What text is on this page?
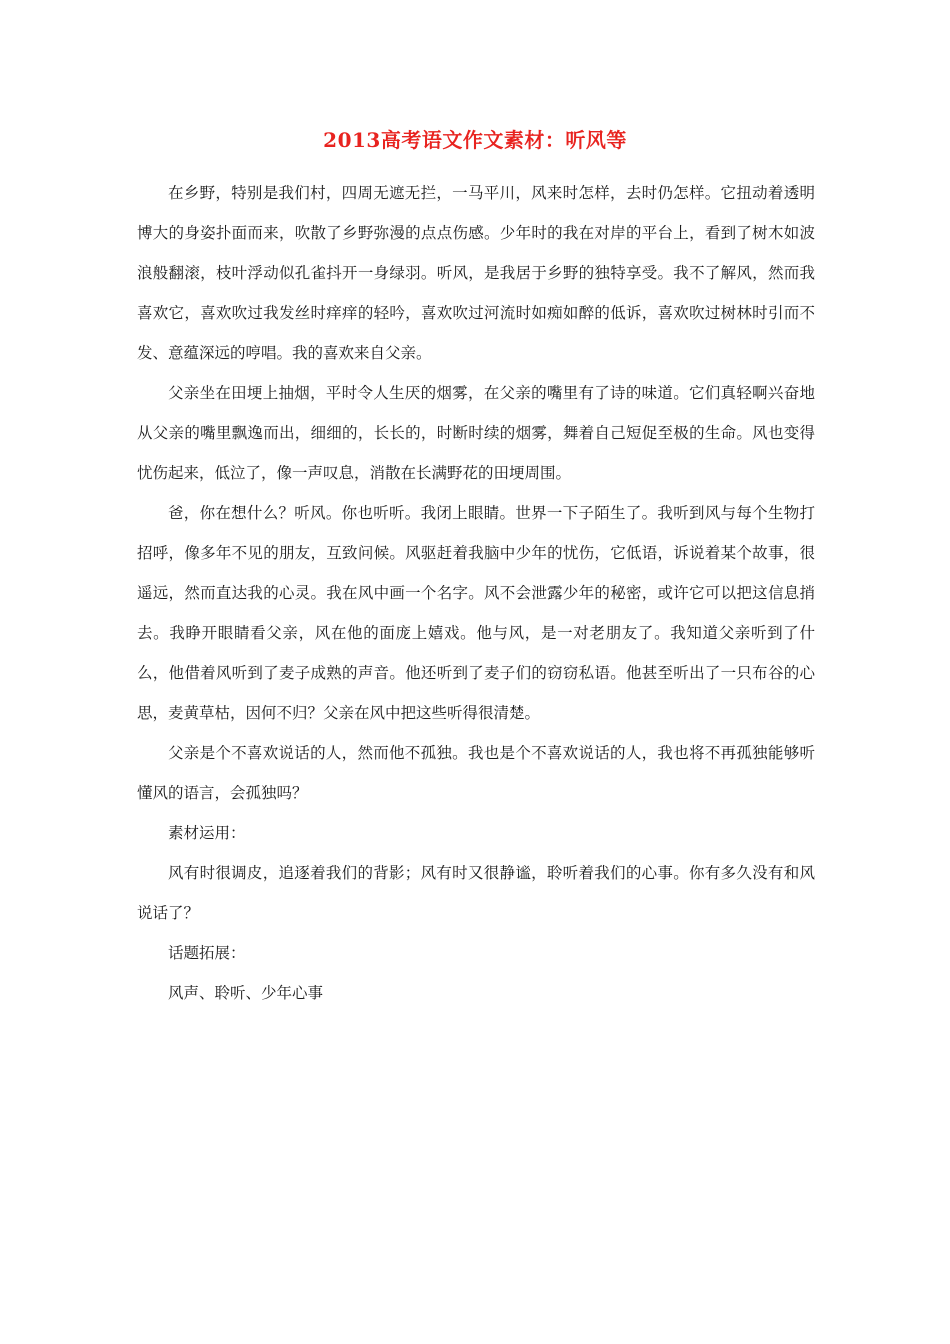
2013高考语文作文素材：听风等

在乡野，特别是我们村，四周无遮无拦，一马平川，风来时怎样，去时仍怎样。它扭动着透明博大的身姿扑面而来，吹散了乡野弥漫的点点伤感。少年时的我在对岸的平台上，看到了树木如波浪般翻滚，枝叶浮动似孔雀抖开一身绿羽。听风，是我居于乡野的独特享受。我不了解风，然而我喜欢它，喜欢吹过我发丝时痒痒的轻吟，喜欢吹过河流时如痴如醉的低诉，喜欢吹过树林时引而不发、意蕴深远的哼唱。我的喜欢来自父亲。

父亲坐在田埂上抽烟，平时令人生厌的烟雾，在父亲的嘴里有了诗的味道。它们真轻啊兴奋地从父亲的嘴里飘逸而出，细细的，长长的，时断时续的烟雾，舞着自己短促至极的生命。风也变得忧伤起来，低泣了，像一声叹息，消散在长满野花的田埂周围。

爸，你在想什么？听风。你也听听。我闭上眼睛。世界一下子陌生了。我听到风与每个生物打招呼，像多年不见的朋友，互致问候。风驱赶着我脑中少年的忧伤，它低语，诉说着某个故事，很遥远，然而直达我的心灵。我在风中画一个名字。风不会泄露少年的秘密，或许它可以把这信息捎去。我睁开眼睛看父亲，风在他的面庞上嬉戏。他与风，是一对老朋友了。我知道父亲听到了什么，他借着风听到了麦子成熟的声音。他还听到了麦子们的窃窃私语。他甚至听出了一只布谷的心思，麦黄草枯，因何不归？父亲在风中把这些听得很清楚。

父亲是个不喜欢说话的人，然而他不孤独。我也是个不喜欢说话的人，我也将不再孤独能够听懂风的语言，会孤独吗？

素材运用：

风有时很调皮，追逐着我们的背影；风有时又很静谧，聆听着我们的心事。你有多久没有和风说话了？

话题拓展：

风声、聆听、少年心事
